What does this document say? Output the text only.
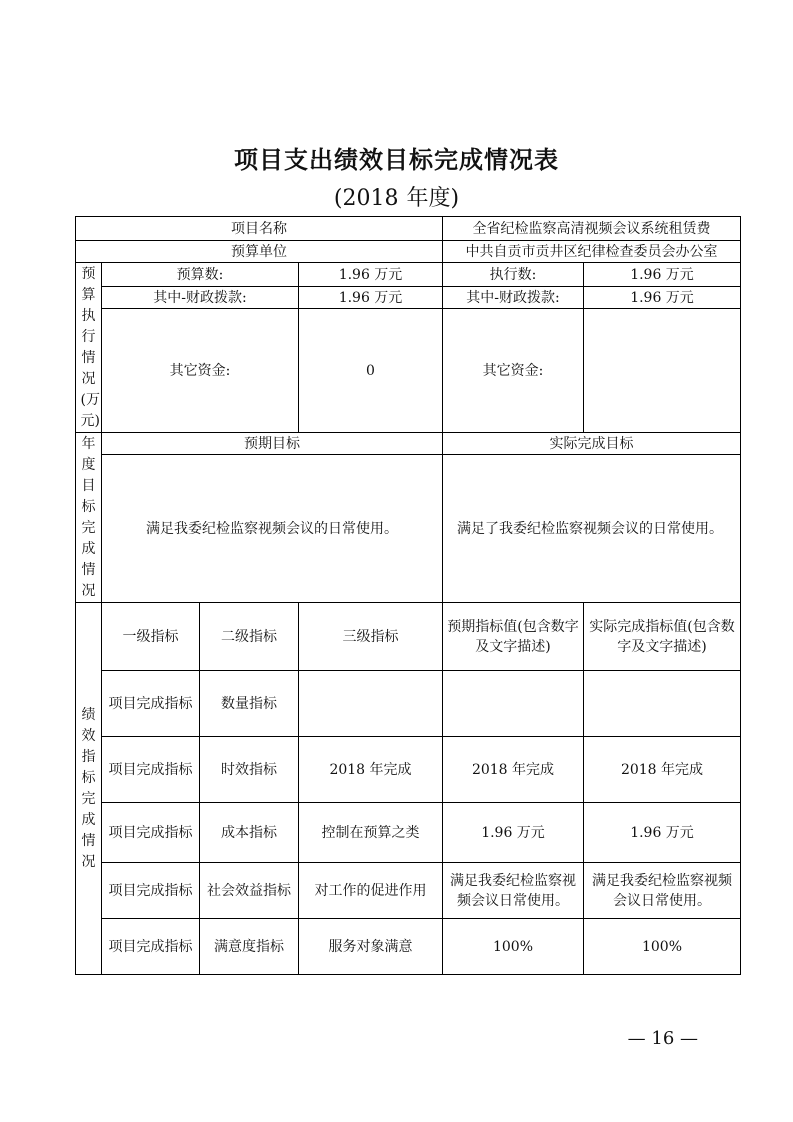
项目支出绩效目标完成情况表
(2018 年度)
项目名称				全省纪检监察高清视频会议系统租赁费	
预算单位				中共自贡市贡井区纪律检查委员会办公室	

预算执行情况(万元)	预算数:		1.96 万元	执行数:	1.96 万元
	其中-财政拨款:		1.96 万元	其中-财政拨款:	1.96 万元
	其它资金:		0	其它资金:	

年度目标完成情况	预期目标			实际完成目标	
	满足我委纪检监察视频会议的日常使用。			满足了我委纪检监察视频会议的日常使用。	

绩效指标完成情况	一级指标	二级指标	三级指标	预期指标值(包含数字及文字描述)	实际完成指标值(包含数字及文字描述)
	项目完成指标	数量指标			
	项目完成指标	时效指标	2018 年完成	2018 年完成	2018 年完成
	项目完成指标	成本指标	控制在预算之类	1.96 万元	1.96 万元
	项目完成指标	社会效益指标	对工作的促进作用	满足我委纪检监察视频会议日常使用。	满足我委纪检监察视频会议日常使用。
	项目完成指标	满意度指标	服务对象满意	100%	100%
— 16 —
